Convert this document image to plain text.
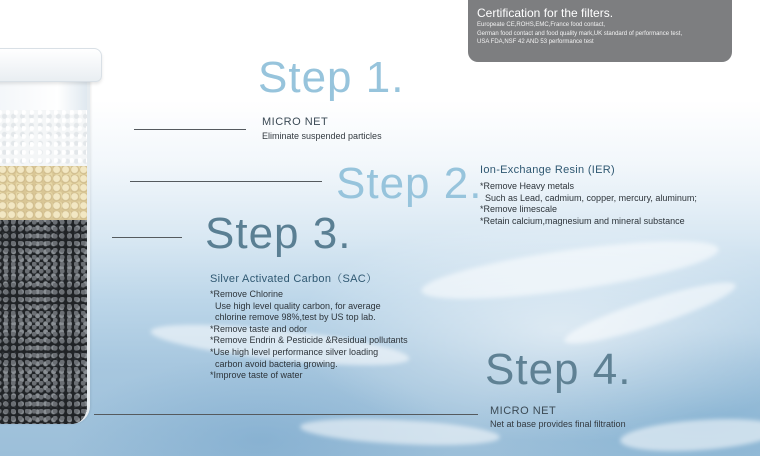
Certification for the filters.
Europeate CE,ROHS,EMC,France food contact,
German food contact and food quality mark,UK standard of performance test,
USA FDA,NSF 42 AND 53 performance test
Step 1.
MICRO NET
Eliminate suspended particles
Step 2.
Ion-Exchange Resin (IER)
*Remove Heavy metals
Such as Lead, cadmium, copper, mercury, aluminum;
*Remove limescale
*Retain calcium,magnesium and mineral substance
Step 3.
Silver Activated Carbon（SAC）
*Remove Chlorine
Use high level quality carbon, for average
chlorine remove 98%,test by US top lab.
*Remove taste and odor
*Remove Endrin & Pesticide &Residual pollutants
*Use high level performance silver loading
carbon avoid bacteria growing.
*Improve taste of water	Step 4.
MICRO NET
Net at base provides final filtration
